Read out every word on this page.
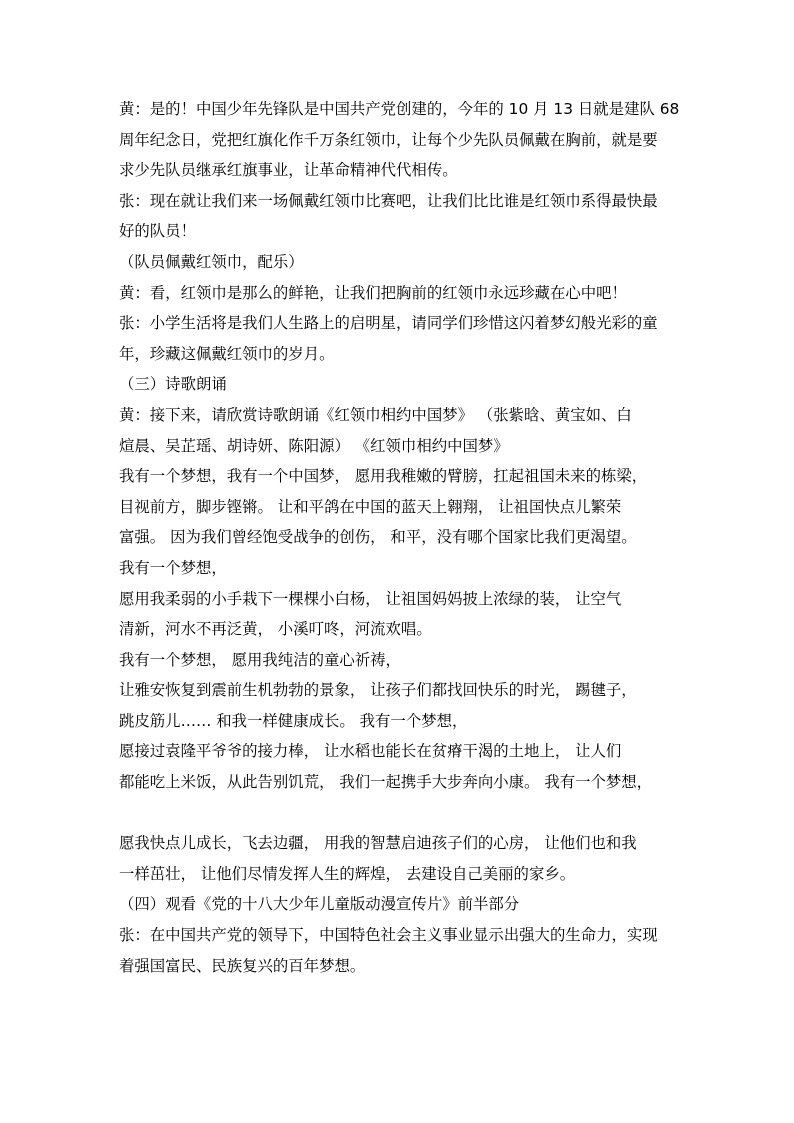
黄：是的！中国少年先锋队是中国共产党创建的，今年的 10 月 13 日就是建队 68
周年纪念日，党把红旗化作千万条红领巾，让每个少先队员佩戴在胸前，就是要
求少先队员继承红旗事业，让革命精神代代相传。
张：现在就让我们来一场佩戴红领巾比赛吧，让我们比比谁是红领巾系得最快最
好的队员！
（队员佩戴红领巾，配乐）
黄：看，红领巾是那么的鲜艳，让我们把胸前的红领巾永远珍藏在心中吧！
张：小学生活将是我们人生路上的启明星，请同学们珍惜这闪着梦幻般光彩的童
年，珍藏这佩戴红领巾的岁月。
（三）诗歌朗诵
黄：接下来，请欣赏诗歌朗诵《红领巾相约中国梦》 （张紫晗、黄宝如、白
煊晨、吴芷瑶、胡诗妍、陈阳源） 《红领巾相约中国梦》
我有一个梦想，我有一个中国梦， 愿用我稚嫩的臂膀，扛起祖国未来的栋梁，
目视前方，脚步铿锵。 让和平鸽在中国的蓝天上翱翔， 让祖国快点儿繁荣
富强。 因为我们曾经饱受战争的创伤， 和平，没有哪个国家比我们更渴望。
我有一个梦想，
愿用我柔弱的小手栽下一棵棵小白杨， 让祖国妈妈披上浓绿的装， 让空气
清新，河水不再泛黄， 小溪叮咚，河流欢唱。
我有一个梦想， 愿用我纯洁的童心祈祷，
让雅安恢复到震前生机勃勃的景象， 让孩子们都找回快乐的时光， 踢毽子，
跳皮筋儿…… 和我一样健康成长。 我有一个梦想，
愿接过袁隆平爷爷的接力棒， 让水稻也能长在贫瘠干渴的土地上， 让人们
都能吃上米饭，从此告别饥荒， 我们一起携手大步奔向小康。 我有一个梦想，
愿我快点儿成长，飞去边疆， 用我的智慧启迪孩子们的心房， 让他们也和我
一样茁壮， 让他们尽情发挥人生的辉煌， 去建设自己美丽的家乡。
（四）观看《党的十八大少年儿童版动漫宣传片》前半部分
张：在中国共产党的领导下，中国特色社会主义事业显示出强大的生命力，实现
着强国富民、民族复兴的百年梦想。
